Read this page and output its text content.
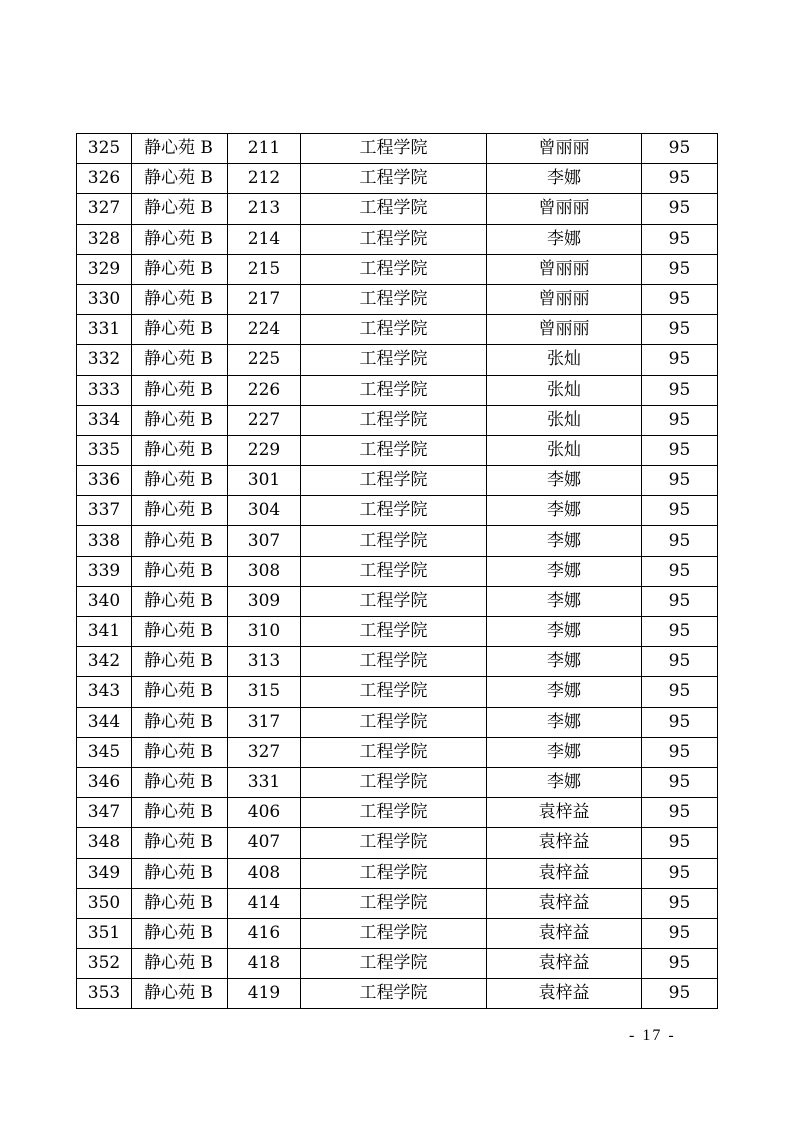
325	静心苑 B	211	工程学院	曾丽丽	95
326	静心苑 B	212	工程学院	李娜	95
327	静心苑 B	213	工程学院	曾丽丽	95
328	静心苑 B	214	工程学院	李娜	95
329	静心苑 B	215	工程学院	曾丽丽	95
330	静心苑 B	217	工程学院	曾丽丽	95
331	静心苑 B	224	工程学院	曾丽丽	95
332	静心苑 B	225	工程学院	张灿	95
333	静心苑 B	226	工程学院	张灿	95
334	静心苑 B	227	工程学院	张灿	95
335	静心苑 B	229	工程学院	张灿	95
336	静心苑 B	301	工程学院	李娜	95
337	静心苑 B	304	工程学院	李娜	95
338	静心苑 B	307	工程学院	李娜	95
339	静心苑 B	308	工程学院	李娜	95
340	静心苑 B	309	工程学院	李娜	95
341	静心苑 B	310	工程学院	李娜	95
342	静心苑 B	313	工程学院	李娜	95
343	静心苑 B	315	工程学院	李娜	95
344	静心苑 B	317	工程学院	李娜	95
345	静心苑 B	327	工程学院	李娜	95
346	静心苑 B	331	工程学院	李娜	95
347	静心苑 B	406	工程学院	袁梓益	95
348	静心苑 B	407	工程学院	袁梓益	95
349	静心苑 B	408	工程学院	袁梓益	95
350	静心苑 B	414	工程学院	袁梓益	95
351	静心苑 B	416	工程学院	袁梓益	95
352	静心苑 B	418	工程学院	袁梓益	95
353	静心苑 B	419	工程学院	袁梓益	95
- 17 -
